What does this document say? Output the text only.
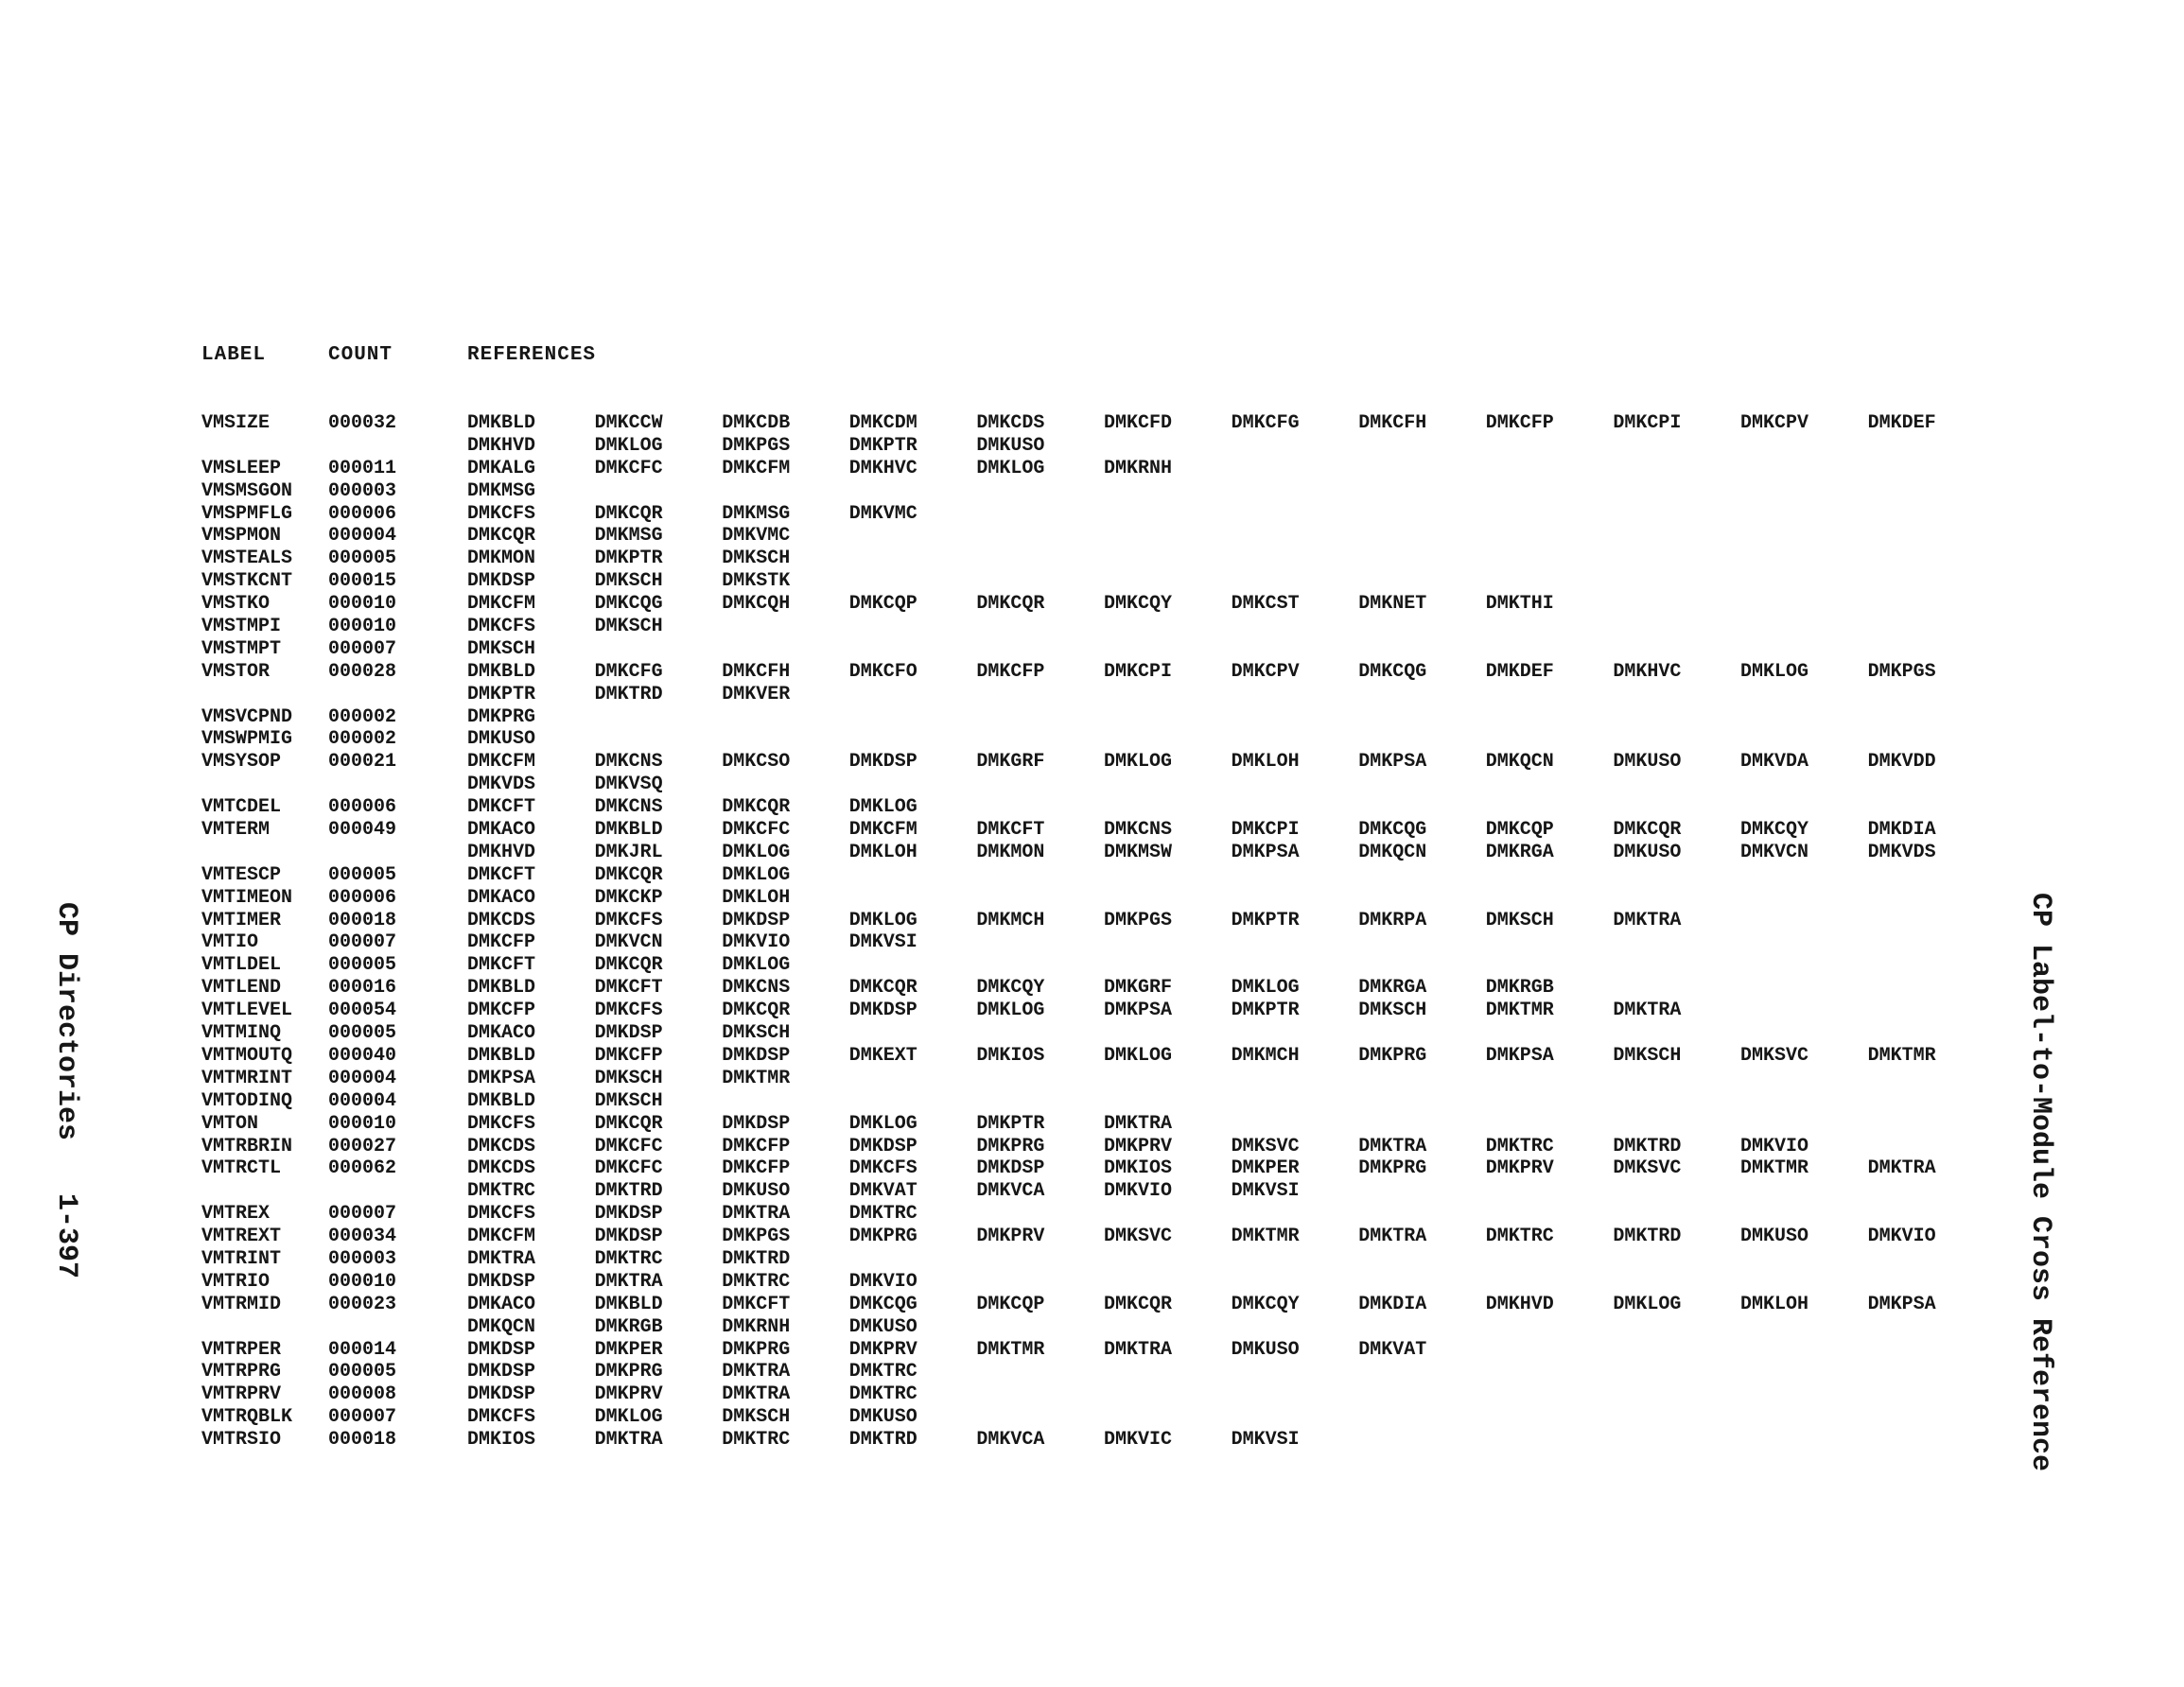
LABEL	COUNT	REFERENCES
VMSIZE	000032	DMKBLD	DMKCCW	DMKCDB	DMKCDM	DMKCDS	DMKCFD	DMKCFG	DMKCFH	DMKCFP	DMKCPI	DMKCPV	DMKDEF
DMKHVD	DMKLOG	DMKPGS	DMKPTR	DMKUSO
VMSLEEP 000011	DMKALG	DMKCFC	DMKCFM	DMKHVC	DMKLOG	DMKRNH
VMSMSGON 000003	DMKMSG
VMSPMFLG 000006	DMKCFS	DMKCQR	DMKMSG	DMKVMC
VMSPMON 000004	DMKCQR	DMKMSG	DMKVMC
VMSTEALS 000005	DMKMON	DMKPTR	DMKSCH
VMSTKCNT 000015	DMKDSP	DMKSCH	DMKSTK
VMSTKO	000010	DMKCFM	DMKCQG	DMKCQH	DMKCQP	DMKCQR	DMKCQY	DMKCST	DMKNET	DMKTHI
VMSTMPI 000010	DMKCFS	DMKSCH
VMSTMPT 000007	DMKSCH
VMSTOR	000028	DMKBLD	DMKCFG	DMKCFH	DMKCFO	DMKCFP	DMKCPI	DMKCPV	DMKCQG	DMKDEF	DMKHVC	DMKLOG	DMKPGS
DMKPTR	DMKTRD	DMKVER
VMSVCPND 000002	DMKPRG
VMSWPMIG 000002	DMKUSO
VMSYSOP 000021	DMKCFM	DMKCNS	DMKCSO	DMKDSP	DMKGRF	DMKLOG	DMKLOH	DMKPSA	DMKQCN	DMKUSO	DMKVDA	DMKVDD
DMKVDS	DMKVSQ
VMTCDEL 000006	DMKCFT	DMKCNS	DMKCQR	DMKLOG
VMTERM	000049	DMKACO	DMKBLD	DMKCFC	DMKCFM	DMKCFT	DMKCNS	DMKCPI	DMKCQG	DMKCQP	DMKCQR	DMKCQY	DMKDIA
DMKHVD	DMKJRL	DMKLOG	DMKLOH	DMKMON	DMKMSW	DMKPSA	DMKQCN	DMKRGA	DMKUSO	DMKVCN	DMKVDS
VMTESCP 000005	DMKCFT	DMKCQR	DMKLOG
VMTIMEON 000006	DMKACO	DMKCKP	DMKLOH
VMTIMER 000018	DMKCDS	DMKCFS	DMKDSP	DMKLOG	DMKMCH	DMKPGS	DMKPTR	DMKRPA	DMKSCH	DMKTRA
VMTIO	000007	DMKCFP	DMKVCN	DMKVIO	DMKVSI
VMTLDEL 000005	DMKCFT	DMKCQR	DMKLOG
VMTLEND 000016	DMKBLD	DMKCFT	DMKCNS	DMKCQR	DMKCQY	DMKGRF	DMKLOG	DMKRGA	DMKRGB
VMTLEVEL 000054	DMKCFP	DMKCFS	DMKCQR	DMKDSP	DMKLOG	DMKPSA	DMKPTR	DMKSCH	DMKTMR	DMKTRA
VMTMINQ 000005	DMKACO	DMKDSP	DMKSCH
VMTMOUTQ 000040	DMKBLD	DMKCFP	DMKDSP	DMKEXT	DMKIOS	DMKLOG	DMKMCH	DMKPRG	DMKPSA	DMKSCH	DMKSVC	DMKTMR
VMTMRINT 000004	DMKPSA	DMKSCH	DMKTMR
VMTODINQ 000004	DMKBLD	DMKSCH
VMTON	000010	DMKCFS	DMKCQR	DMKDSP	DMKLOG	DMKPTR	DMKTRA
VMTRBRIN 000027	DMKCDS	DMKCFC	DMKCFP	DMKDSP	DMKPRG	DMKPRV	DMKSVC	DMKTRA	DMKTRC	DMKTRD	DMKVIO
VMTRCTL 000062	DMKCDS	DMKCFC	DMKCFP	DMKCFS	DMKDSP	DMKIOS	DMKPER	DMKPRG	DMKPRV	DMKSVC	DMKTMR	DMKTRA
DMKTRC	DMKTRD	DMKUSO	DMKVAT	DMKVCA	DMKVIO	DMKVSI
VMTREX	000007	DMKCFS	DMKDSP	DMKTRA	DMKTRC
VMTREXT 000034	DMKCFM	DMKDSP	DMKPGS	DMKPRG	DMKPRV	DMKSVC	DMKTMR	DMKTRA	DMKTRC	DMKTRD	DMKUSO	DMKVIO
VMTRINT 000003	DMKTRA	DMKTRC	DMKTRD
VMTRIO	000010	DMKDSP	DMKTRA	DMKTRC	DMKVIO
VMTRMID 000023	DMKACO	DMKBLD	DMKCFT	DMKCQG	DMKCQP	DMKCQR	DMKCQY	DMKDIA	DMKHVD	DMKLOG	DMKLOH	DMKPSA
DMKQCN	DMKRGB	DMKRNH	DMKUSO
VMTRPER 000014	DMKDSP	DMKPER	DMKPRG	DMKPRV	DMKTMR	DMKTRA	DMKUSO	DMKVAT
VMTRPRG 000005	DMKDSP	DMKPRG	DMKTRA	DMKTRC
VMTRPRV 000008	DMKDSP	DMKPRV	DMKTRA	DMKTRC
VMTRQBLK 000007	DMKCFS	DMKLOG	DMKSCH	DMKUSO
VMTRSIO 000018	DMKIOS	DMKTRA	DMKTRC	DMKTRD	DMKVCA	DMKVIC	DMKVSI
CP Directories1-397	CP Label-to-Module Cross Reference
